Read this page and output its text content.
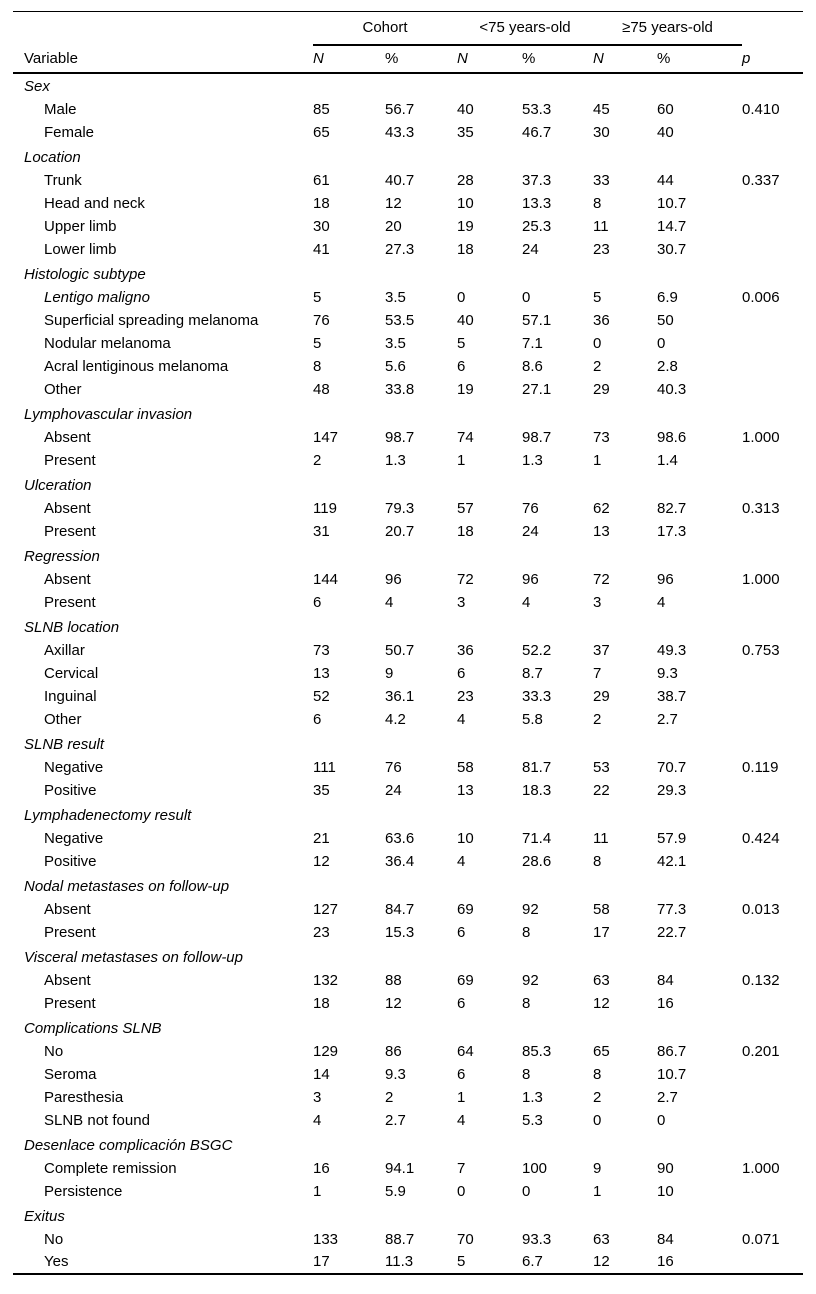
	Cohort		<75 years-old		≥75 years-old		
Variable	N	%	N	%	N	%	p
Sex							
Male	85	56.7	40	53.3	45	60	0.410
Female	65	43.3	35	46.7	30	40	
Location							
Trunk	61	40.7	28	37.3	33	44	0.337
Head and neck	18	12	10	13.3	8	10.7	
Upper limb	30	20	19	25.3	11	14.7	
Lower limb	41	27.3	18	24	23	30.7	
Histologic subtype							
Lentigo maligno	5	3.5	0	0	5	6.9	0.006
Superficial spreading melanoma	76	53.5	40	57.1	36	50	
Nodular melanoma	5	3.5	5	7.1	0	0	
Acral lentiginous melanoma	8	5.6	6	8.6	2	2.8	
Other	48	33.8	19	27.1	29	40.3	
Lymphovascular invasion							
Absent	147	98.7	74	98.7	73	98.6	1.000
Present	2	1.3	1	1.3	1	1.4	
Ulceration							
Absent	119	79.3	57	76	62	82.7	0.313
Present	31	20.7	18	24	13	17.3	
Regression							
Absent	144	96	72	96	72	96	1.000
Present	6	4	3	4	3	4	
SLNB location							
Axillar	73	50.7	36	52.2	37	49.3	0.753
Cervical	13	9	6	8.7	7	9.3	
Inguinal	52	36.1	23	33.3	29	38.7	
Other	6	4.2	4	5.8	2	2.7	
SLNB result							
Negative	111	76	58	81.7	53	70.7	0.119
Positive	35	24	13	18.3	22	29.3	
Lymphadenectomy result							
Negative	21	63.6	10	71.4	11	57.9	0.424
Positive	12	36.4	4	28.6	8	42.1	
Nodal metastases on follow-up							
Absent	127	84.7	69	92	58	77.3	0.013
Present	23	15.3	6	8	17	22.7	
Visceral metastases on follow-up							
Absent	132	88	69	92	63	84	0.132
Present	18	12	6	8	12	16	
Complications SLNB							
No	129	86	64	85.3	65	86.7	0.201
Seroma	14	9.3	6	8	8	10.7	
Paresthesia	3	2	1	1.3	2	2.7	
SLNB not found	4	2.7	4	5.3	0	0	
Desenlace complicación BSGC							
Complete remission	16	94.1	7	100	9	90	1.000
Persistence	1	5.9	0	0	1	10	
Exitus							
No	133	88.7	70	93.3	63	84	0.071
Yes	17	11.3	5	6.7	12	16	
